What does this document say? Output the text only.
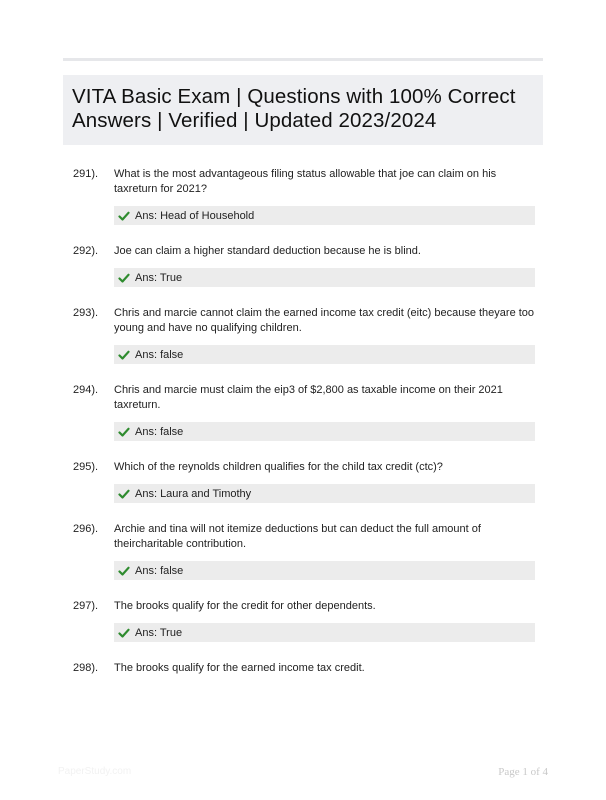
VITA Basic Exam | Questions with 100% Correct Answers | Verified | Updated 2023/2024
291).	What is the most advantageous filing status allowable that joe can claim on his taxreturn for 2021?
Ans: Head of Household
292).	Joe can claim a higher standard deduction because he is blind.
Ans: True
293).	Chris and marcie cannot claim the earned income tax credit (eitc) because theyare too young and have no qualifying children.
Ans: false
294).	Chris and marcie must claim the eip3 of $2,800 as taxable income on their 2021 taxreturn.
Ans: false
295).	Which of the reynolds children qualifies for the child tax credit (ctc)?
Ans: Laura and Timothy
296).	Archie and tina will not itemize deductions but can deduct the full amount of theircharitable contribution.
Ans: false
297).	The brooks qualify for the credit for other dependents.
Ans: True
298).	The brooks qualify for the earned income tax credit.
PaperStudy.com	Page 1 of 4
